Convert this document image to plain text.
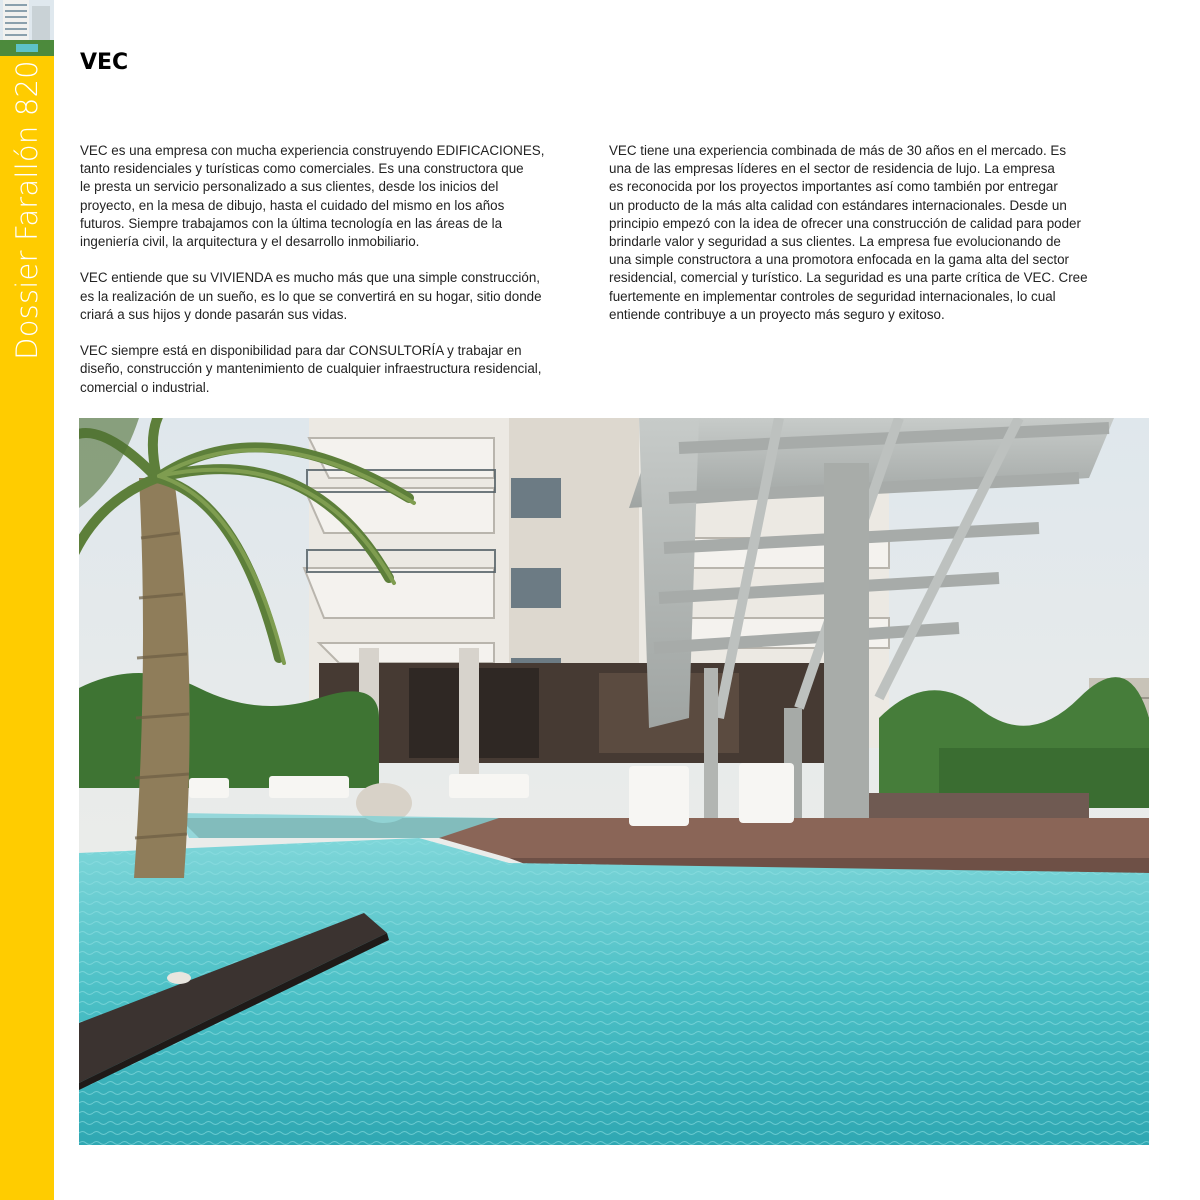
Dossier Farallón 820 VEC

VEC es una empresa con mucha experiencia construyendo EDIFICACIONES,
tanto residenciales y turísticas como comerciales. Es una constructora que
le presta un servicio personalizado a sus clientes, desde los inicios del
proyecto, en la mesa de dibujo, hasta el cuidado del mismo en los años
futuros. Siempre trabajamos con la última tecnología en las áreas de la
ingeniería civil, la arquitectura y el desarrollo inmobiliario.

VEC entiende que su VIVIENDA es mucho más que una simple construcción,
es la realización de un sueño, es lo que se convertirá en su hogar, sitio donde
criará a sus hijos y donde pasarán sus vidas.

VEC siempre está en disponibilidad para dar CONSULTORÍA y trabajar en
diseño, construcción y mantenimiento de cualquier infraestructura residencial,
comercial o industrial.

VEC tiene una experiencia combinada de más de 30 años en el mercado. Es
una de las empresas líderes en el sector de residencia de lujo. La empresa
es reconocida por los proyectos importantes así como también por entregar
un producto de la más alta calidad con estándares internacionales. Desde un
principio empezó con la idea de ofrecer una construcción de calidad para poder
brindarle valor y seguridad a sus clientes. La empresa fue evolucionando de
una simple constructora a una promotora enfocada en la gama alta del sector
residencial, comercial y turístico. La seguridad es una parte crítica de VEC. Cree
fuertemente en implementar controles de seguridad internacionales, lo cual
entiende contribuye a un proyecto más seguro y exitoso.
